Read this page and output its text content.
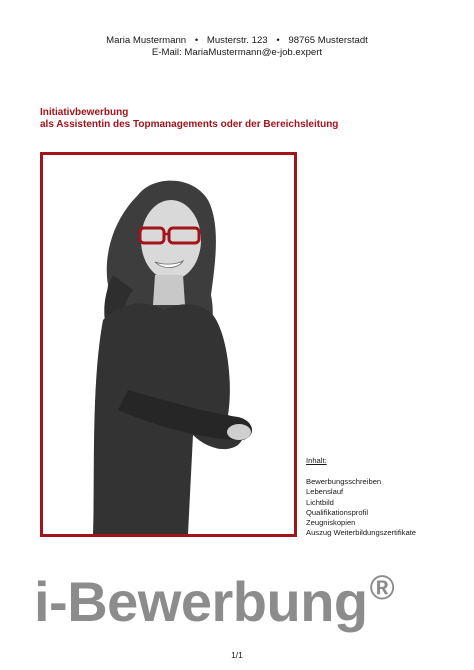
Maria Mustermann • Musterstr. 123 • 98765 Musterstadt
E-Mail: MariaMustermann@e-job.expert
Initiativbewerbung
als Assistentin des Topmanagements oder der Bereichsleitung
Inhalt:
Bewerbungsschreiben
Lebenslauf
Lichtbild
Qualifikationsprofil
Zeugniskopien
Auszug Weiterbildungszertifikate
i-Bewerbung®
1/1
